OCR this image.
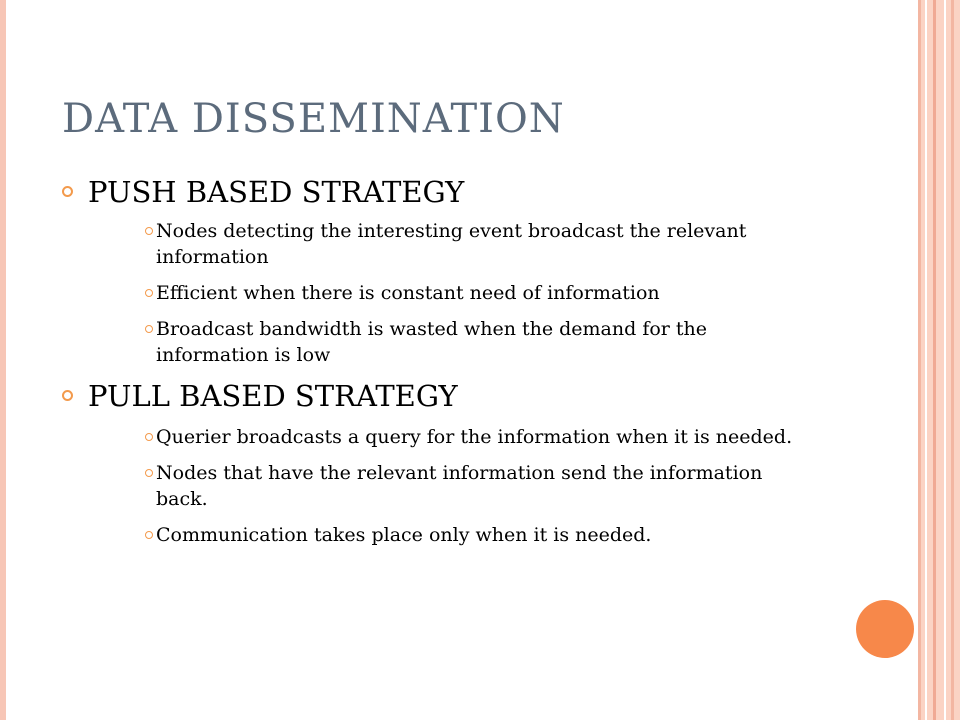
DATA DISSEMINATION
PUSH BASED STRATEGY
Nodes detecting the interesting event broadcast the relevant information
Efficient when there is constant need of information
Broadcast bandwidth is wasted when the demand for the information is low
PULL BASED STRATEGY
Querier broadcasts a query for the information when it is needed.
Nodes that have the relevant information send the information back.
Communication takes place only when it is needed.
